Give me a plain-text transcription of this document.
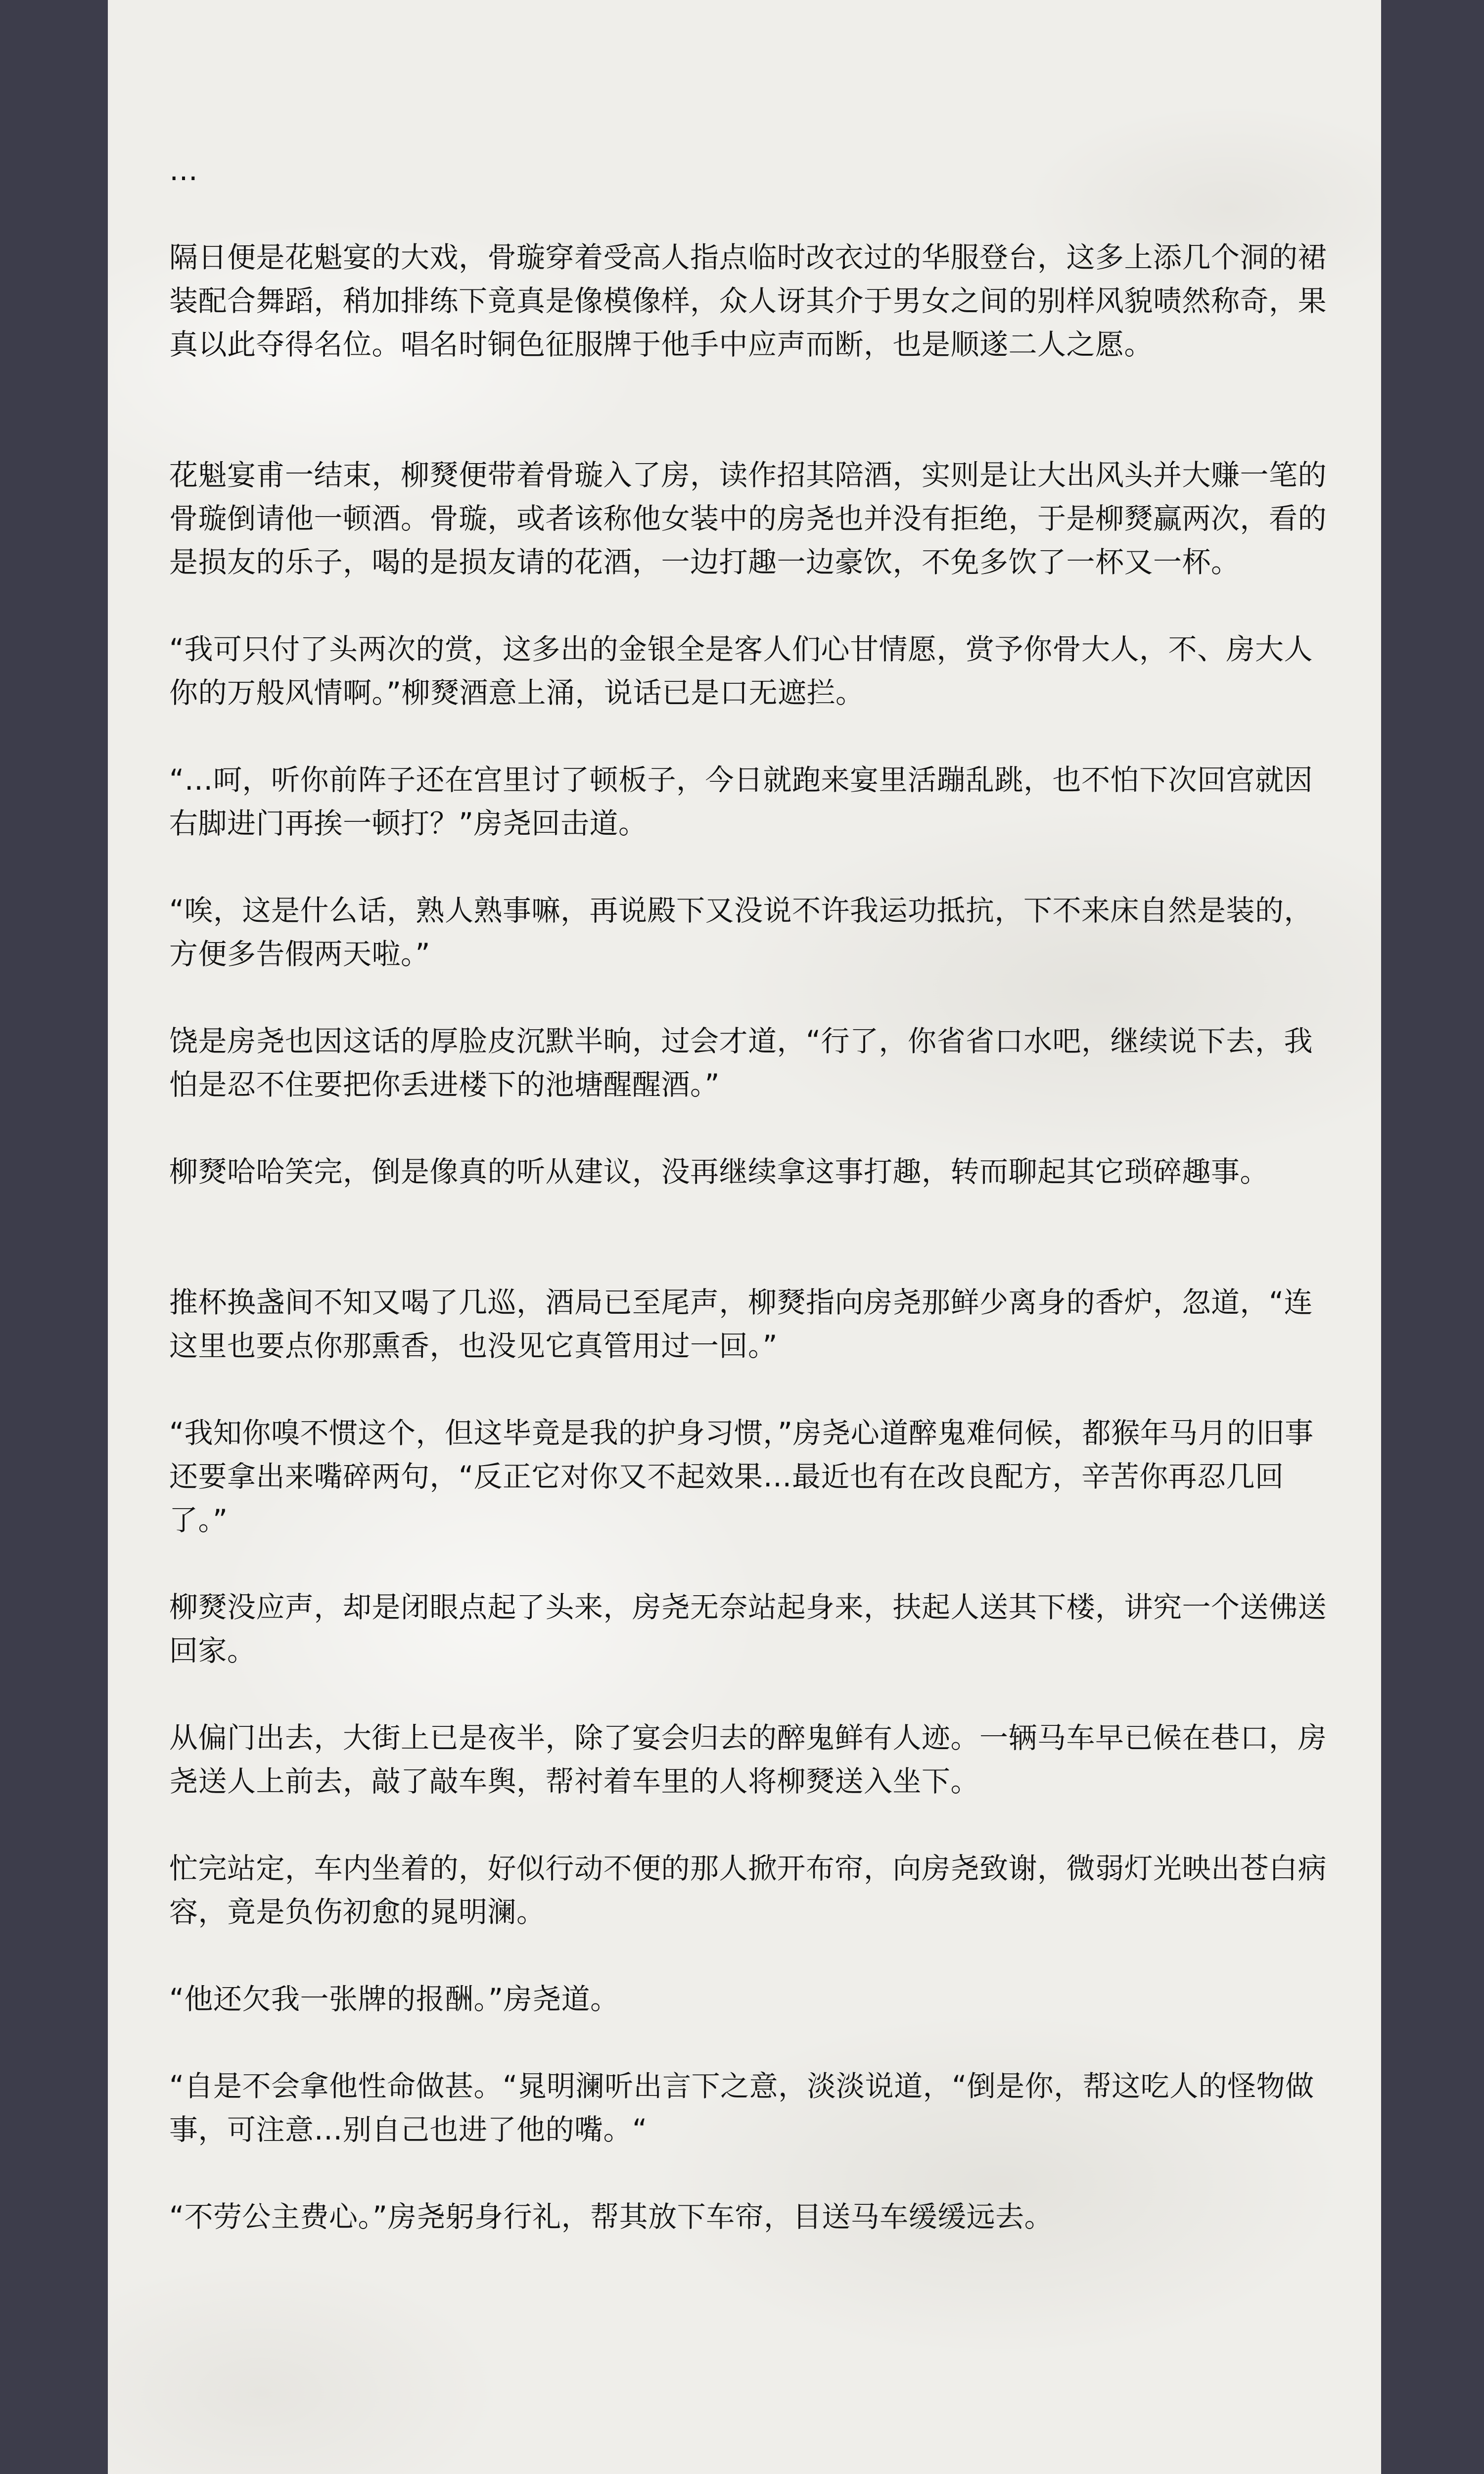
…

隔日便是花魁宴的大戏，骨璇穿着受高人指点临时改衣过的华服登台，这多上添几个洞的裙装配合舞蹈，稍加排练下竟真是像模像样，众人讶其介于男女之间的别样风貌啧然称奇，果真以此夺得名位。唱名时铜色征服牌于他手中应声而断，也是顺遂二人之愿。

花魁宴甫一结束，柳燹便带着骨璇入了房，读作招其陪酒，实则是让大出风头并大赚一笔的骨璇倒请他一顿酒。骨璇，或者该称他女装中的房尧也并没有拒绝，于是柳燹赢两次，看的是损友的乐子，喝的是损友请的花酒，一边打趣一边豪饮，不免多饮了一杯又一杯。

“我可只付了头两次的赏，这多出的金银全是客人们心甘情愿，赏予你骨大人，不、房大人你的万般风情啊。”柳燹酒意上涌，说话已是口无遮拦。

“…呵，听你前阵子还在宫里讨了顿板子，今日就跑来宴里活蹦乱跳，也不怕下次回宫就因右脚进门再挨一顿打？”房尧回击道。

“唉，这是什么话，熟人熟事嘛，再说殿下又没说不许我运功抵抗，下不来床自然是装的，方便多告假两天啦。”

饶是房尧也因这话的厚脸皮沉默半晌，过会才道，“行了，你省省口水吧，继续说下去，我怕是忍不住要把你丢进楼下的池塘醒醒酒。”

柳燹哈哈笑完，倒是像真的听从建议，没再继续拿这事打趣，转而聊起其它琐碎趣事。

推杯换盏间不知又喝了几巡，酒局已至尾声，柳燹指向房尧那鲜少离身的香炉，忽道，“连这里也要点你那熏香，也没见它真管用过一回。”

“我知你嗅不惯这个，但这毕竟是我的护身习惯，”房尧心道醉鬼难伺候，都猴年马月的旧事还要拿出来嘴碎两句，“反正它对你又不起效果…最近也有在改良配方，辛苦你再忍几回了。”

柳燹没应声，却是闭眼点起了头来，房尧无奈站起身来，扶起人送其下楼，讲究一个送佛送回家。

从偏门出去，大街上已是夜半，除了宴会归去的醉鬼鲜有人迹。一辆马车早已候在巷口，房尧送人上前去，敲了敲车舆，帮衬着车里的人将柳燹送入坐下。

忙完站定，车内坐着的，好似行动不便的那人掀开布帘，向房尧致谢，微弱灯光映出苍白病容，竟是负伤初愈的晁明澜。

“他还欠我一张牌的报酬。”房尧道。

“自是不会拿他性命做甚。“晁明澜听出言下之意，淡淡说道，“倒是你，帮这吃人的怪物做事，可注意…别自己也进了他的嘴。“

“不劳公主费心。”房尧躬身行礼，帮其放下车帘，目送马车缓缓远去。
